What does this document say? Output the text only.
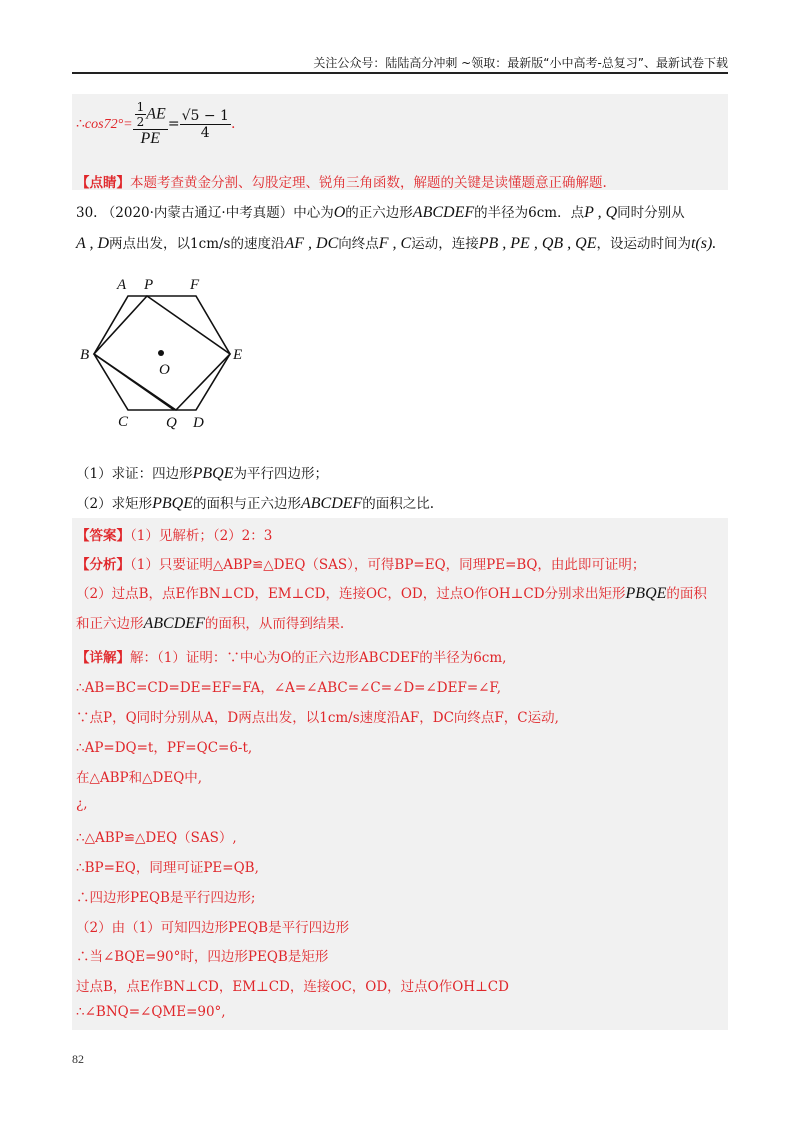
关注公众号：陆陆高分冲刺 ~领取：最新版“小中高考-总复习”、最新试卷下载
∴cos72°= $\frac{\frac{1}{2} AE}{PE} = \frac{√5 - 1}{4}$ .
【点睛】本题考查黄金分割、勾股定理、锐角三角函数，解题的关键是读懂题意正确解题.
30. （2020·内蒙古通辽·中考真题）中心为O的正六边形ABCDEF的半径为6cm．点P , Q同时分别从
A , D两点出发，以1cm/s的速度沿AF , DC向终点F , C运动，连接PB , PE , QB , QE，设运动时间为t(s).
A P F
B
O
E
C	Q D
（1）求证：四边形PBQE为平行四边形；
（2）求矩形PBQE的面积与正六边形ABCDEF的面积之比.
【答案】（1）见解析；（2）2：3
【分析】（1）只要证明△ABP≌△DEQ（SAS），可得BP=EQ，同理PE=BQ，由此即可证明；
（2）过点B，点E作BN⊥CD，EM⊥CD，连接OC，OD，过点O作OH⊥CD分别求出矩形PBQE的面积
和正六边形ABCDEF的面积，从而得到结果.
【详解】解：（1）证明：∵中心为O的正六边形ABCDEF的半径为6cm,
∴AB=BC=CD=DE=EF=FA，∠A=∠ABC=∠C=∠D=∠DEF=∠F,
∵点P，Q同时分别从A，D两点出发，以1cm/s速度沿AF，DC向终点F，C运动,
∴AP=DQ=t，PF=QC=6-t,
在△ABP和△DEQ中,
¿,
∴△ABP≌△DEQ（SAS）,
∴BP=EQ，同理可证PE=QB,
∴四边形PEQB是平行四边形;
（2）由（1）可知四边形PEQB是平行四边形
∴当∠BQE=90°时，四边形PEQB是矩形
过点B，点E作BN⊥CD，EM⊥CD，连接OC，OD，过点O作OH⊥CD
∴∠BNQ=∠QME=90°,
82
